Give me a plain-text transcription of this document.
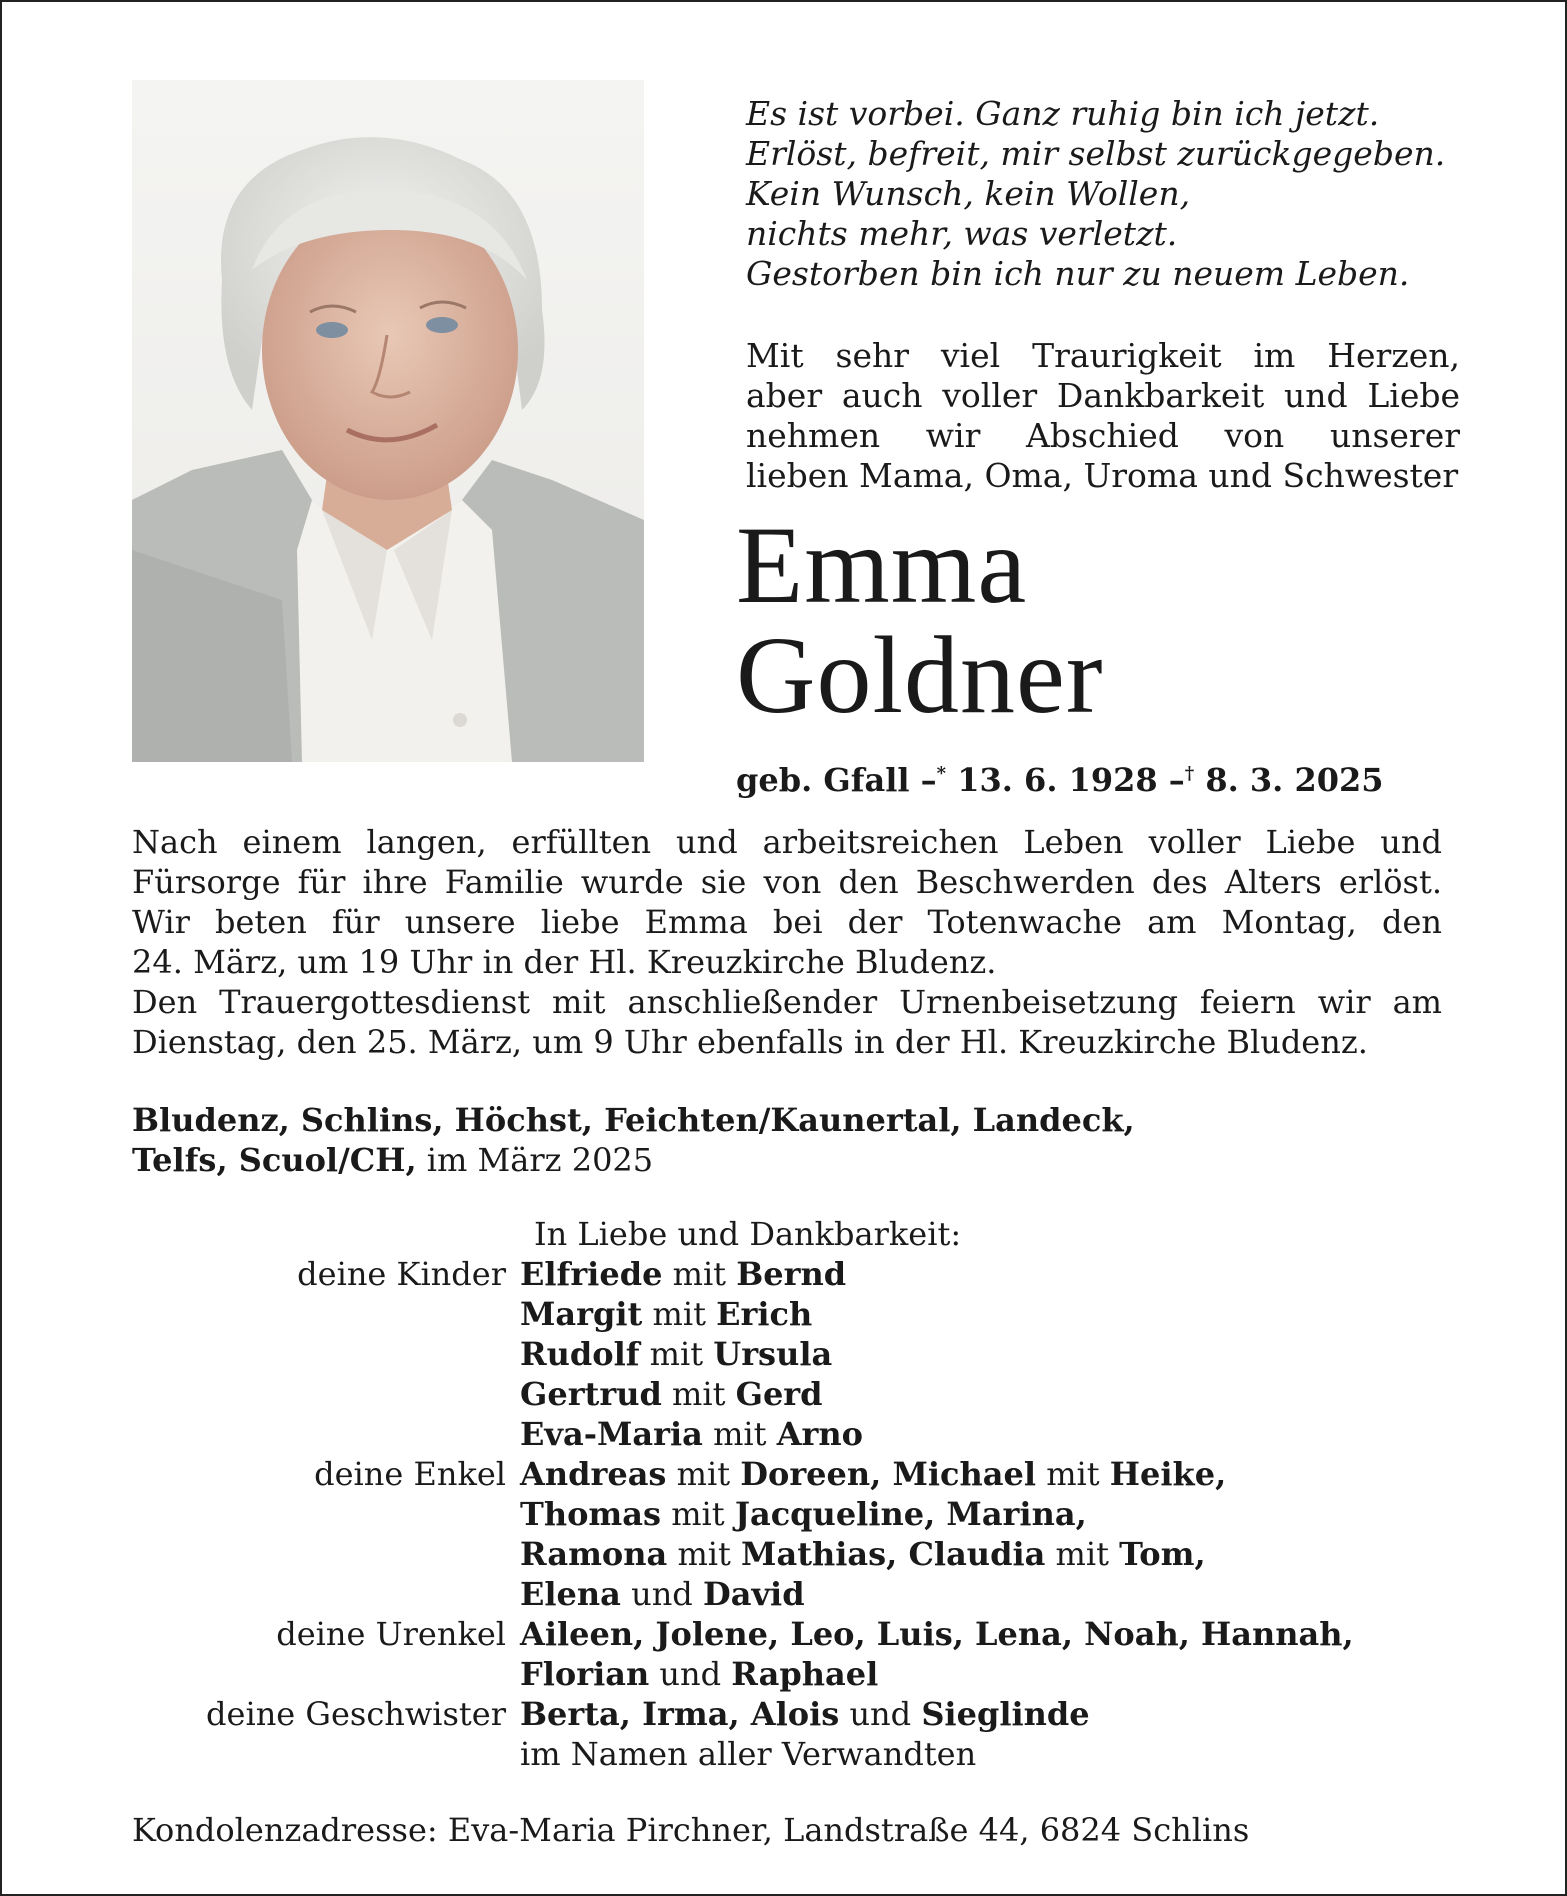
Es ist vorbei. Ganz ruhig bin ich jetzt.
Erlöst, befreit, mir selbst zurückgegeben.
Kein Wunsch, kein Wollen,
nichts mehr, was verletzt.
Gestorben bin ich nur zu neuem Leben.
Mit sehr viel Traurigkeit im Herzen,
aber auch voller Dankbarkeit und Liebe
nehmen wir Abschied von unserer
lieben Mama, Oma, Uroma und Schwester
Emma
Goldner
geb. Gfall –* 13. 6. 1928 –† 8. 3. 2025
Nach einem langen, erfüllten und arbeitsreichen Leben voller Liebe und
Fürsorge für ihre Familie wurde sie von den Beschwerden des Alters erlöst.
Wir beten für unsere liebe Emma bei der Totenwache am Montag, den
24. März, um 19 Uhr in der Hl. Kreuzkirche Bludenz.
Den Trauergottesdienst mit anschließender Urnenbeisetzung feiern wir am
Dienstag, den 25. März, um 9 Uhr ebenfalls in der Hl. Kreuzkirche Bludenz.
Bludenz, Schlins, Höchst, Feichten/Kaunertal, Landeck,
Telfs, Scuol/CH, im März 2025
In Liebe und Dankbarkeit:
deine Kinder Elfriede mit Bernd
Margit mit Erich
Rudolf mit Ursula
Gertrud mit Gerd
Eva-Maria mit Arno
deine Enkel Andreas mit Doreen, Michael mit Heike,
Thomas mit Jacqueline, Marina,
Ramona mit Mathias, Claudia mit Tom,
Elena und David
deine Urenkel Aileen, Jolene, Leo, Luis, Lena, Noah, Hannah,
Florian und Raphael
deine Geschwister Berta, Irma, Alois und Sieglinde
im Namen aller Verwandten
Kondolenzadresse: Eva-Maria Pirchner, Landstraße 44, 6824 Schlins
